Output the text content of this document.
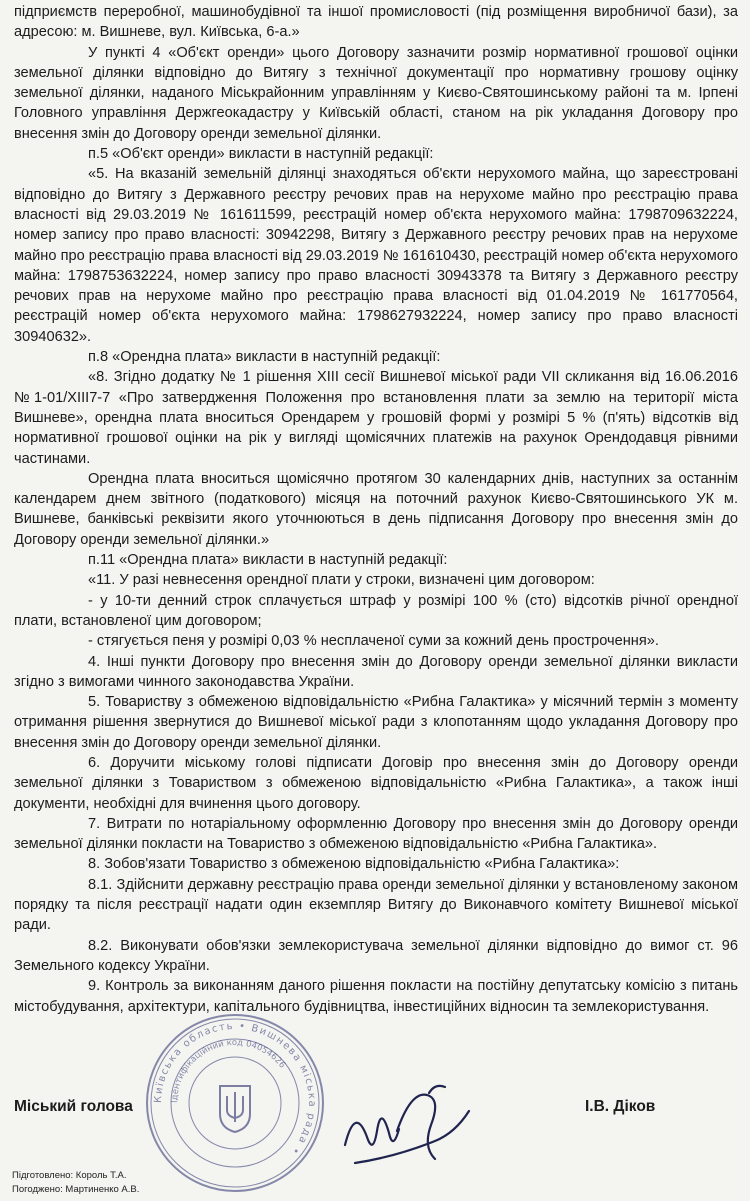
підприємств переробної, машинобудівної та іншої промисловості (під розміщення виробничої бази), за адресою: м. Вишневе, вул. Київська, 6-а.»

У пункті 4 «Об'єкт оренди» цього Договору зазначити розмір нормативної грошової оцінки земельної ділянки відповідно до Витягу з технічної документації про нормативну грошову оцінку земельної ділянки, наданого Міськрайонним управлінням у Києво-Святошинському районі та м. Ірпені Головного управління Держгеокадастру у Київській області, станом на рік укладання Договору про внесення змін до Договору оренди земельної ділянки.

п.5 «Об'єкт оренди» викласти в наступній редакції:

«5. На вказаній земельній ділянці знаходяться об'єкти нерухомого майна, що зареєстровані відповідно до Витягу з Державного реєстру речових прав на нерухоме майно про реєстрацію права власності від 29.03.2019 № 161611599, реєстрацій номер об'єкта нерухомого майна: 1798709632224, номер запису про право власності: 30942298, Витягу з Державного реєстру речових прав на нерухоме майно про реєстрацію права власності від 29.03.2019 № 161610430, реєстрацій номер об'єкта нерухомого майна: 1798753632224, номер запису про право власності 30943378 та Витягу з Державного реєстру речових прав на нерухоме майно про реєстрацію права власності від 01.04.2019 № 161770564, реєстрацій номер об'єкта нерухомого майна: 1798627932224, номер запису про право власності 30940632».

п.8 «Орендна плата» викласти в наступній редакції:

«8. Згідно додатку № 1 рішення XIII сесії Вишневої міської ради VII скликання від 16.06.2016 №1-01/XIII7-7 «Про затвердження Положення про встановлення плати за землю на території міста Вишневе», орендна плата вноситься Орендарем у грошовій формі у розмірі 5 % (п'ять) відсотків від нормативної грошової оцінки на рік у вигляді щомісячних платежів на рахунок Орендодавця рівними частинами.

Орендна плата вноситься щомісячно протягом 30 календарних днів, наступних за останнім календарем днем звітного (податкового) місяця на поточний рахунок Києво-Святошинського УК м. Вишневе, банківські реквізити якого уточнюються в день підписання Договору про внесення змін до Договору оренди земельної ділянки.»

п.11 «Орендна плата» викласти в наступній редакції:

«11. У разі невнесення орендної плати у строки, визначені цим договором:

- у 10-ти денний строк сплачується штраф у розмірі 100 % (сто) відсотків річної орендної плати, встановленої цим договором;

- стягується пеня у розмірі 0,03 % несплаченої суми за кожний день прострочення».

4. Інші пункти Договору про внесення змін до Договору оренди земельної ділянки викласти згідно з вимогами чинного законодавства України.

5. Товариству з обмеженою відповідальністю «Рибна Галактика» у місячний термін з моменту отримання рішення звернутися до Вишневої міської ради з клопотанням щодо укладання Договору про внесення змін до Договору оренди земельної ділянки.

6. Доручити міському голові підписати Договір про внесення змін до Договору оренди земельної ділянки з Товариством з обмеженою відповідальністю «Рибна Галактика», а також інші документи, необхідні для вчинення цього договору.

7. Витрати по нотаріальному оформленню Договору про внесення змін до Договору оренди земельної ділянки покласти на Товариство з обмеженою відповідальністю «Рибна Галактика».

8. Зобов'язати Товариство з обмеженою відповідальністю «Рибна Галактика»:

8.1. Здійснити державну реєстрацію права оренди земельної ділянки у встановленому законом порядку та після реєстрації надати один екземпляр Витягу до Виконавчого комітету Вишневої міської ради.

8.2. Виконувати обов'язки землекористувача земельної ділянки відповідно до вимог ст. 96 Земельного кодексу України.

9. Контроль за виконанням даного рішення покласти на постійну депутатську комісію з питань містобудування, архітектури, капітального будівництва, інвестиційних відносин та землекористування.

Київська область • Вишнева міська рада •
Ідентифікаційний код 04054626
Міський голова	І.В. Діков
Підготовлено: Король Т.А.
Погоджено: Мартиненко А.В.
